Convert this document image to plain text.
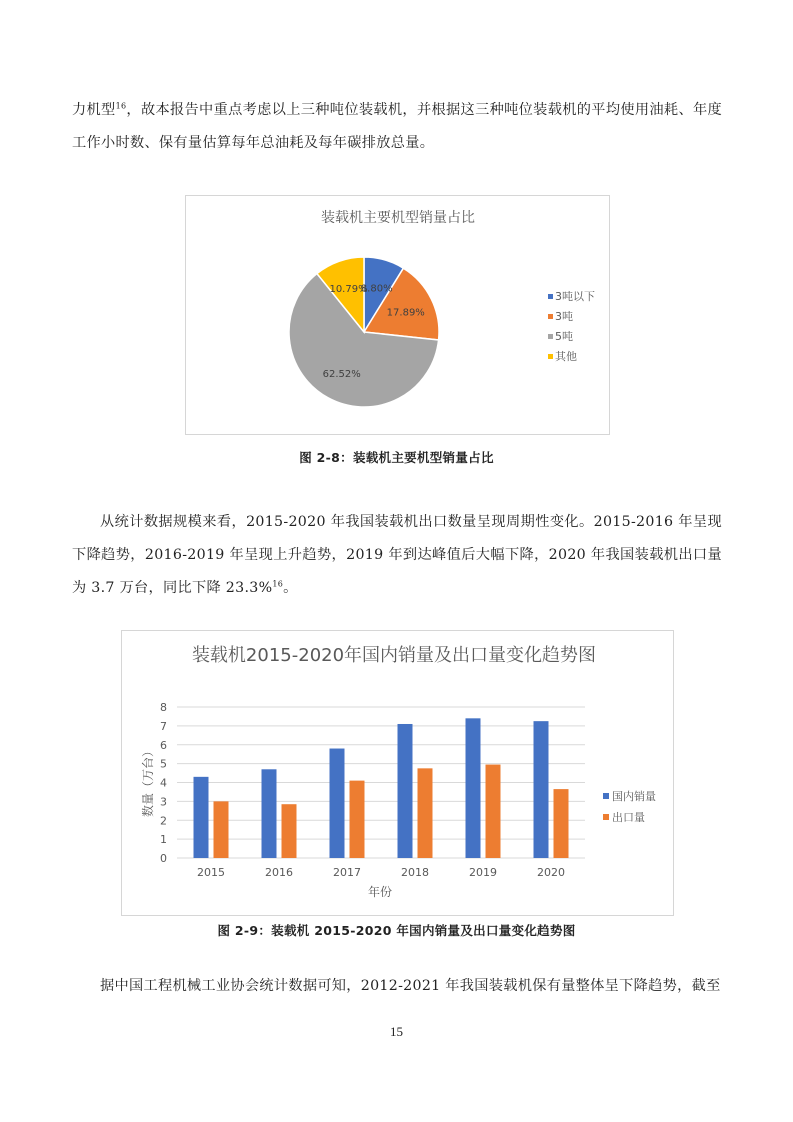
力机型$^{16}$，故本报告中重点考虑以上三种吨位装载机，并根据这三种吨位装载机的平均使用油耗、年度工作小时数、保有量估算每年总油耗及每年碳排放总量。
装载机主要机型销量占比
8.80%
17.89%
62.52%
10.79%
3吨以下
3吨
5吨
其他
图 2-8：装载机主要机型销量占比
从统计数据规模来看，2015-2020 年我国装载机出口数量呈现周期性变化。2015-2016 年呈现下降趋势，2016-2019 年呈现上升趋势，2019 年到达峰值后大幅下降，2020 年我国装载机出口量为 3.7 万台，同比下降 23.3%$^{16}$。
装载机2015-2020年国内销量及出口量变化趋势图
0
1
2
3
4
5
6
7
8
2015	2016	2017	2018	2019	2020
年份
数量（万台）	国内销量
出口量
图 2-9：装载机 2015-2020 年国内销量及出口量变化趋势图
据中国工程机械工业协会统计数据可知，2012-2021 年我国装载机保有量整体呈下降趋势，截至
15
